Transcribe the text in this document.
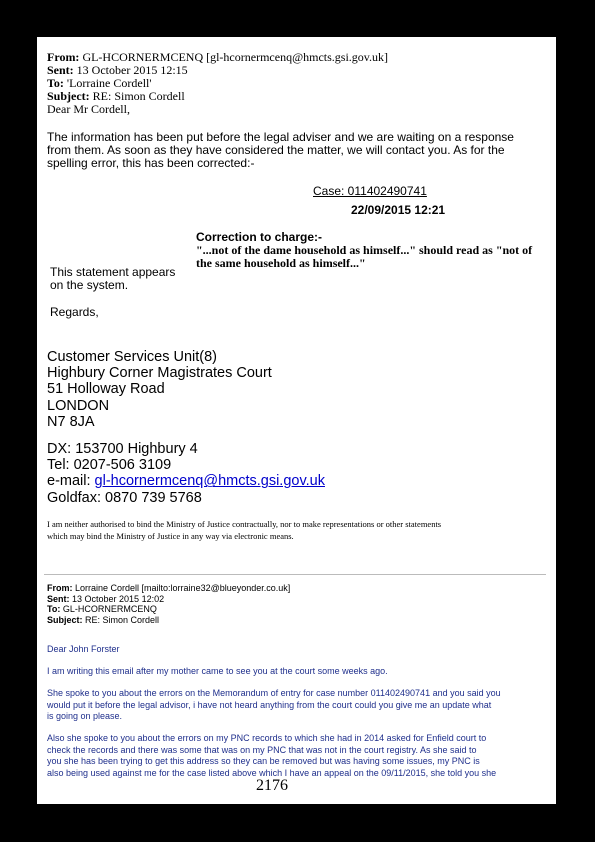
From: GL-HCORNERMCENQ [gl-hcornermcenq@hmcts.gsi.gov.uk]
Sent: 13 October 2015 12:15
To: 'Lorraine Cordell'
Subject: RE: Simon Cordell
Dear Mr Cordell,
The information has been put before the legal adviser and we are waiting on a response
from them. As soon as they have considered the matter, we will contact you. As for the
spelling error, this has been corrected:-
Case: 011402490741
22/09/2015 12:21
Correction to charge:-
"...not of the dame household as himself..." should read as "not of
the same household as himself..."
This statement appears
on the system.
Regards,
Customer Services Unit(8)
Highbury Corner Magistrates Court
51 Holloway Road
LONDON
N7 8JA
DX: 153700 Highbury 4
Tel: 0207-506 3109
e-mail: gl-hcornermcenq@hmcts.gsi.gov.uk
Goldfax: 0870 739 5768
I am neither authorised to bind the Ministry of Justice contractually, nor to make representations or other statements
which may bind the Ministry of Justice in any way via electronic means.
From: Lorraine Cordell [mailto:lorraine32@blueyonder.co.uk]
Sent: 13 October 2015 12:02
To: GL-HCORNERMCENQ
Subject: RE: Simon Cordell
Dear John Forster
I am writing this email after my mother came to see you at the court some weeks ago.
She spoke to you about the errors on the Memorandum of entry for case number 011402490741 and you said you
would put it before the legal advisor, i have not heard anything from the court could you give me an update what
is going on please.
Also she spoke to you about the errors on my PNC records to which she had in 2014 asked for Enfield court to
check the records and there was some that was on my PNC that was not in the court registry. As she said to
you she has been trying to get this address so they can be removed but was having some issues, my PNC is
also being used against me for the case listed above which I have an appeal on the 09/11/2015, she told you she
2176
